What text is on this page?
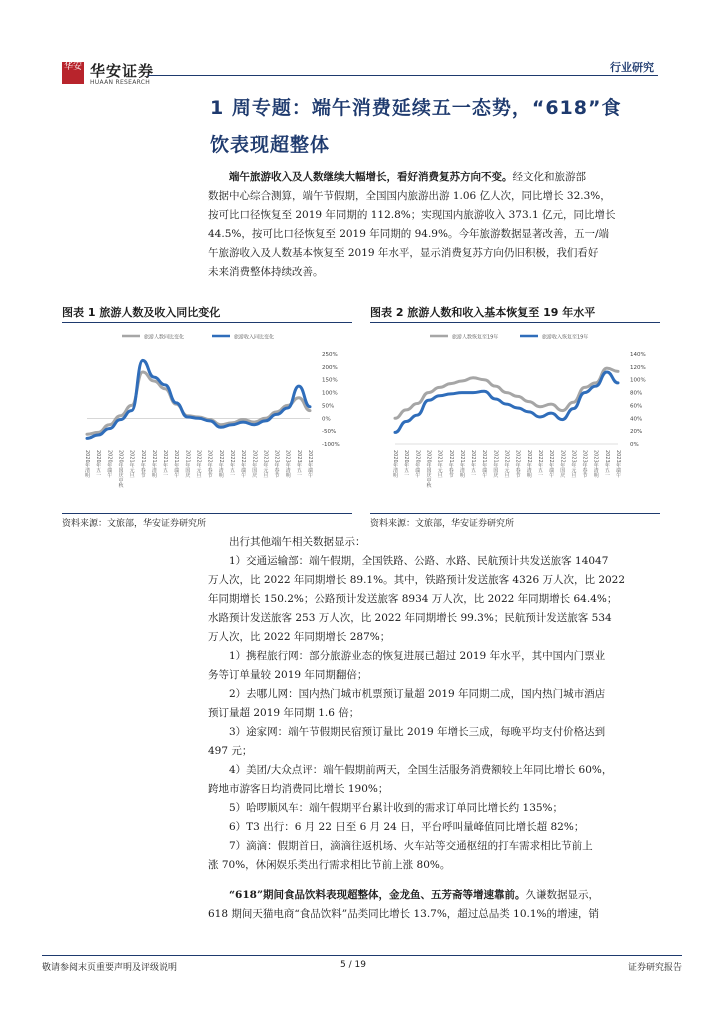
华安 华安证券
HUAAN RESEARCH
行业研究
1 周专题：端午消费延续五一态势，“618”食
饮表现超整体
端午旅游收入及人数继续大幅增长，看好消费复苏方向不变。经文化和旅游部
数据中心综合测算，端午节假期，全国国内旅游出游 1.06 亿人次，同比增长 32.3%，
按可比口径恢复至 2019 年同期的 112.8%；实现国内旅游收入 373.1 亿元，同比增长
44.5%，按可比口径恢复至 2019 年同期的 94.9%。今年旅游数据显著改善，五一/端
午旅游收入及人数基本恢复至 2019 年水平，显示消费复苏方向仍旧积极，我们看好
未来消费整体持续改善。
图表 1 旅游人数及收入同比变化
旅游人数同比变化	旅游收入同比变化
250%
200%
150%
100%
50%
0%
-50%
-100%
2020年清明 2020年五一 2020年端午 2020年国庆中秋 2021年元旦 2021年春节 2021年清明 2021年五一 2021年端午 2021年国庆 2022年元旦 2022年春节 2022年清明 2022年五一 2022年端午 2022年国庆 2023年元旦 2023年春节 2023年清明 2023年五一 2023年端午
资料来源：文旅部，华安证券研究所
图表 2 旅游人数和收入基本恢复至 19 年水平
旅游人数恢复至19年	旅游收入恢复至19年
140%
120%
100%
80%
60%
40%
20%
0%
2020年清明 2020年五一 2020年端午 2020年国庆中秋 2021年元旦 2021年春节 2021年清明 2021年五一 2021年端午 2021年国庆 2022年元旦 2022年春节 2022年清明 2022年五一 2022年端午 2022年国庆 2023年元旦 2023年春节 2023年清明 2023年五一 2023年端午
资料来源：文旅部，华安证券研究所
出行其他端午相关数据显示：
1）交通运输部：端午假期，全国铁路、公路、水路、民航预计共发送旅客 14047
万人次，比 2022 年同期增长 89.1%。其中，铁路预计发送旅客 4326 万人次，比 2022
年同期增长 150.2%；公路预计发送旅客 8934 万人次，比 2022 年同期增长 64.4%；
水路预计发送旅客 253 万人次，比 2022 年同期增长 99.3%；民航预计发送旅客 534
万人次，比 2022 年同期增长 287%；
1）携程旅行网：部分旅游业态的恢复进展已超过 2019 年水平，其中国内门票业
务等订单量较 2019 年同期翻倍；
2）去哪儿网：国内热门城市机票预订量超 2019 年同期二成，国内热门城市酒店
预订量超 2019 年同期 1.6 倍；
3）途家网：端午节假期民宿预订量比 2019 年增长三成，每晚平均支付价格达到
497 元；
4）美团/大众点评：端午假期前两天，全国生活服务消费额较上年同比增长 60%，
跨地市游客日均消费同比增长 190%；
5）哈啰顺风车：端午假期平台累计收到的需求订单同比增长约 135%；
6）T3 出行：6 月 22 日至 6 月 24 日，平台呼叫量峰值同比增长超 82%；
7）滴滴：假期首日，滴滴往返机场、火车站等交通枢纽的打车需求相比节前上
涨 70%，休闲娱乐类出行需求相比节前上涨 80%。
“618”期间食品饮料表现超整体，金龙鱼、五芳斋等增速靠前。久谦数据显示，
618 期间天猫电商“食品饮料”品类同比增长 13.7%，超过总品类 10.1%的增速，销
敬请参阅末页重要声明及评级说明	5 / 19	证券研究报告
